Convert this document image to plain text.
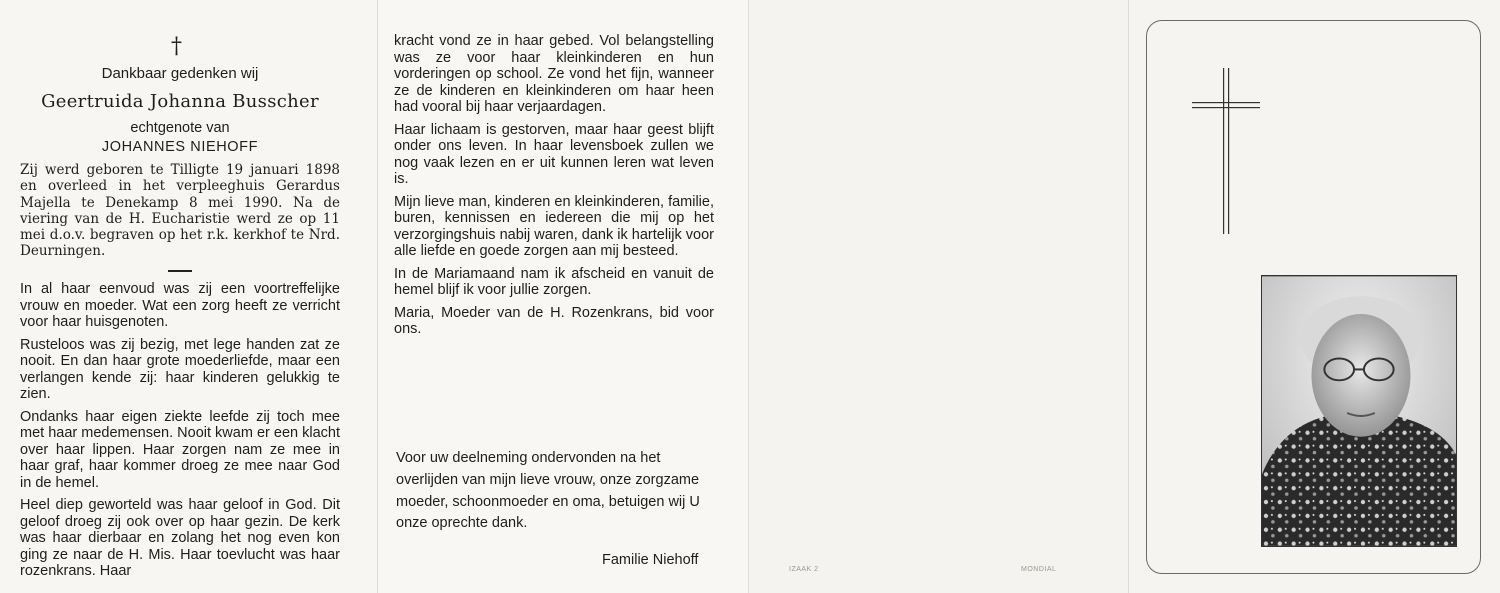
†
Dankbaar gedenken wij
Geertruida Johanna Busscher
echtgenote van
JOHANNES NIEHOFF
Zij werd geboren te Tilligte 19 januari 1898 en overleed in het verpleeghuis Gerardus Majella te Denekamp 8 mei 1990. Na de viering van de H. Eucharistie werd ze op 11 mei d.o.v. begraven op het r.k. kerkhof te Nrd. Deurningen.

In al haar eenvoud was zij een voortreffelijke vrouw en moeder. Wat een zorg heeft ze verricht voor haar huisgenoten.

Rusteloos was zij bezig, met lege handen zat ze nooit. En dan haar grote moederliefde, maar een verlangen kende zij: haar kinderen gelukkig te zien.

Ondanks haar eigen ziekte leefde zij toch mee met haar medemensen. Nooit kwam er een klacht over haar lippen. Haar zorgen nam ze mee in haar graf, haar kommer droeg ze mee naar God in de hemel.

Heel diep geworteld was haar geloof in God. Dit geloof droeg zij ook over op haar gezin. De kerk was haar dierbaar en zolang het nog even kon ging ze naar de H. Mis. Haar toevlucht was haar rozenkrans. Haar

kracht vond ze in haar gebed. Vol belangstelling was ze voor haar kleinkinderen en hun vorderingen op school. Ze vond het fijn, wanneer ze de kinderen en kleinkinderen om haar heen had vooral bij haar verjaardagen.

Haar lichaam is gestorven, maar haar geest blijft onder ons leven. In haar levensboek zullen we nog vaak lezen en er uit kunnen leren wat leven is.

Mijn lieve man, kinderen en kleinkinderen, familie, buren, kennissen en iedereen die mij op het verzorgingshuis nabij waren, dank ik hartelijk voor alle liefde en goede zorgen aan mij besteed.

In de Mariamaand nam ik afscheid en vanuit de hemel blijf ik voor jullie zorgen.

Maria, Moeder van de H. Rozenkrans, bid voor ons.

Voor uw deelneming ondervonden na het overlijden van mijn lieve vrouw, onze zorgzame moeder, schoonmoeder en oma, betuigen wij U onze oprechte dank.
Familie Niehoff
IZAAK 2	MONDIAL
